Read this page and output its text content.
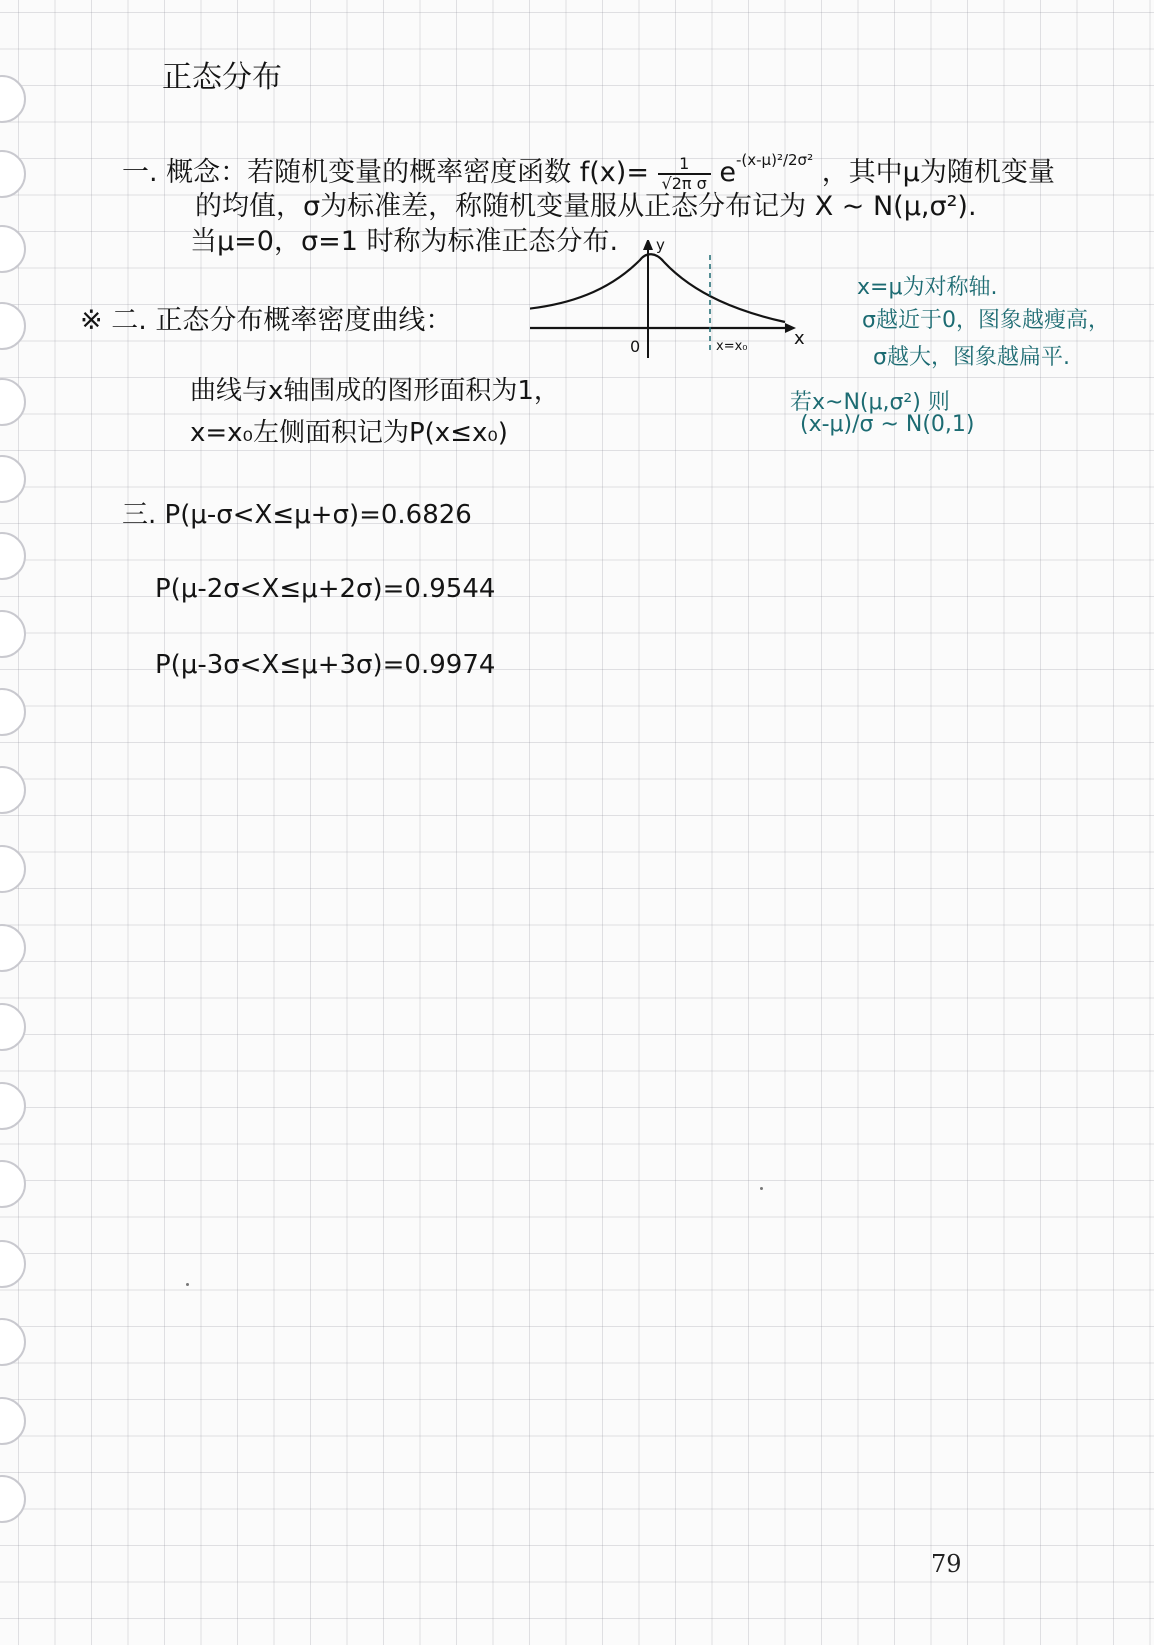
正态分布
一. 概念：若随机变量的概率密度函数 $f(x)= \frac{1}{\text{√2π σ}} e^{-(x-\mu)^2/2\sigma^2}$ ，其中μ为随机变量
的均值，σ为标准差，称随机变量服从正态分布记为 X ~ N(μ,σ²).
当μ=0，σ=1 时称为标准正态分布.
※ 二. 正态分布概率密度曲线：
y
x
0	x=x₀
曲线与x轴围成的图形面积为1，
x=x₀左侧面积记为P(x≤x₀)
x=μ为对称轴.
σ越近于0，图象越瘦高，
σ越大，图象越扁平.
若x~N(μ,σ²) 则
(x-μ)/σ ~ N(0,1)
三. P(μ-σ<X≤μ+σ)=0.6826
P(μ-2σ<X≤μ+2σ)=0.9544
P(μ-3σ<X≤μ+3σ)=0.9974
79
